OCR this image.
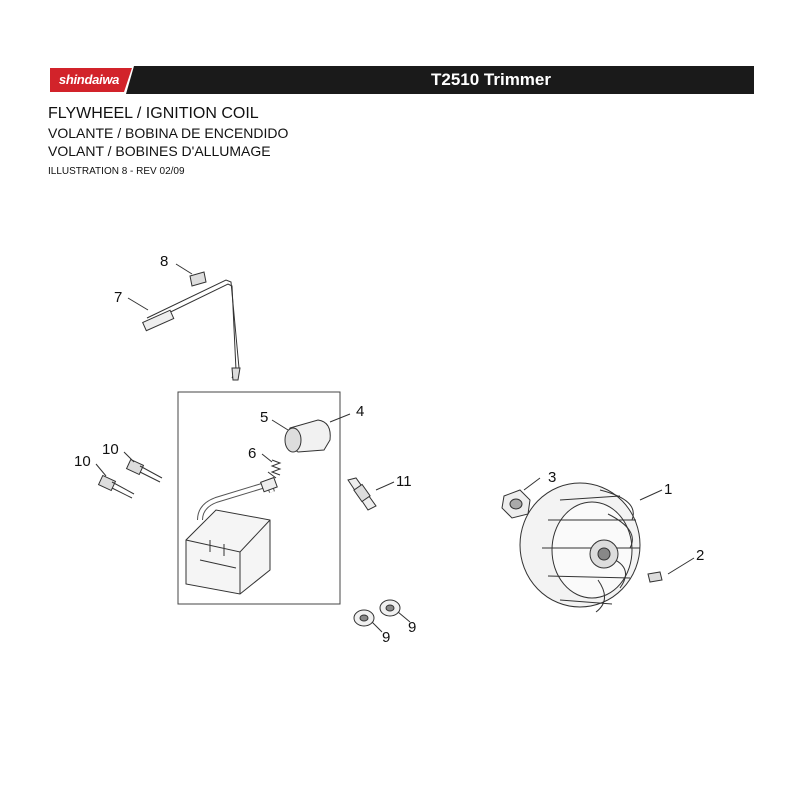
shindaiwa	T2510 Trimmer
FLYWHEEL / IGNITION COIL
VOLANTE / BOBINA DE ENCENDIDO
VOLANT / BOBINES D'ALLUMAGE
ILLUSTRATION 8 - REV 02/09
8
7
5	4
6
10
10
11	3
1
2
9
9
